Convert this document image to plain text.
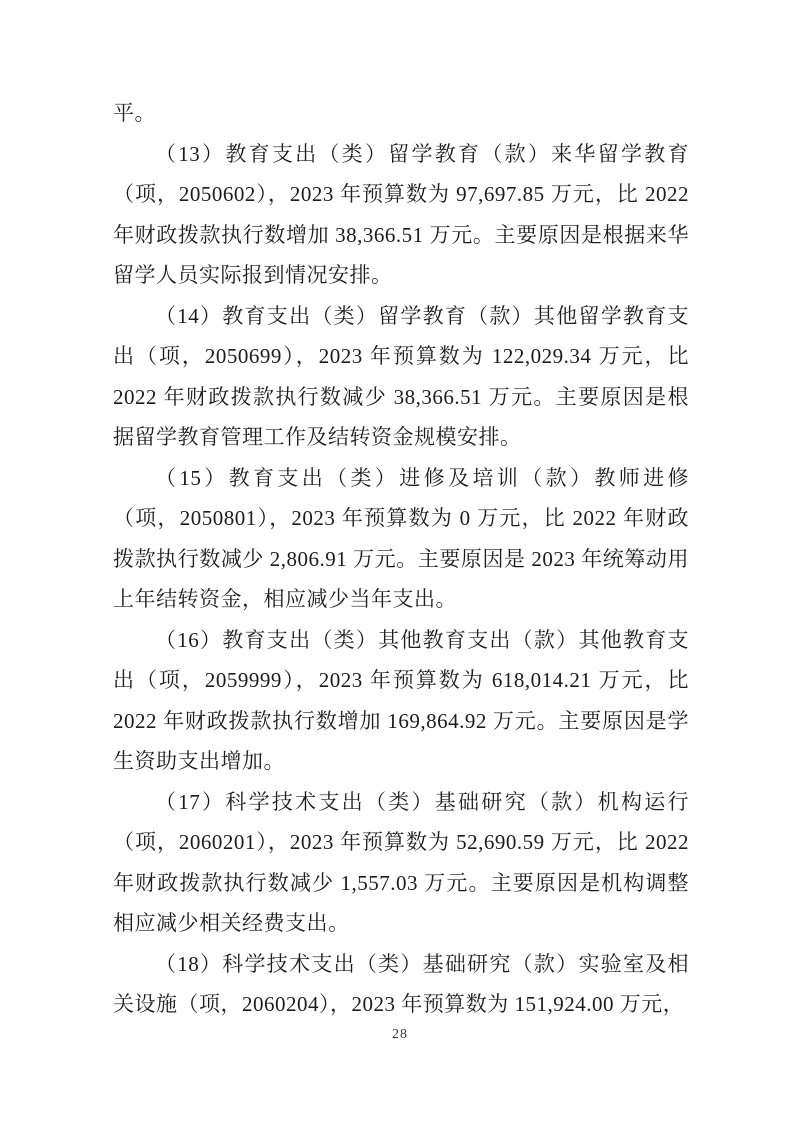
平。

（13）教育支出（类）留学教育（款）来华留学教育（项，2050602），2023 年预算数为 97,697.85 万元，比 2022 年财政拨款执行数增加 38,366.51 万元。主要原因是根据来华留学人员实际报到情况安排。

（14）教育支出（类）留学教育（款）其他留学教育支出（项，2050699），2023 年预算数为 122,029.34 万元，比 2022 年财政拨款执行数减少 38,366.51 万元。主要原因是根据留学教育管理工作及结转资金规模安排。

（15）教育支出（类）进修及培训（款）教师进修（项，2050801），2023 年预算数为 0 万元，比 2022 年财政拨款执行数减少 2,806.91 万元。主要原因是 2023 年统筹动用上年结转资金，相应减少当年支出。

（16）教育支出（类）其他教育支出（款）其他教育支出（项，2059999），2023 年预算数为 618,014.21 万元，比 2022 年财政拨款执行数增加 169,864.92 万元。主要原因是学生资助支出增加。

（17）科学技术支出（类）基础研究（款）机构运行（项，2060201），2023 年预算数为 52,690.59 万元，比 2022 年财政拨款执行数减少 1,557.03 万元。主要原因是机构调整相应减少相关经费支出。

（18）科学技术支出（类）基础研究（款）实验室及相关设施（项，2060204），2023 年预算数为 151,924.00 万元，

28
